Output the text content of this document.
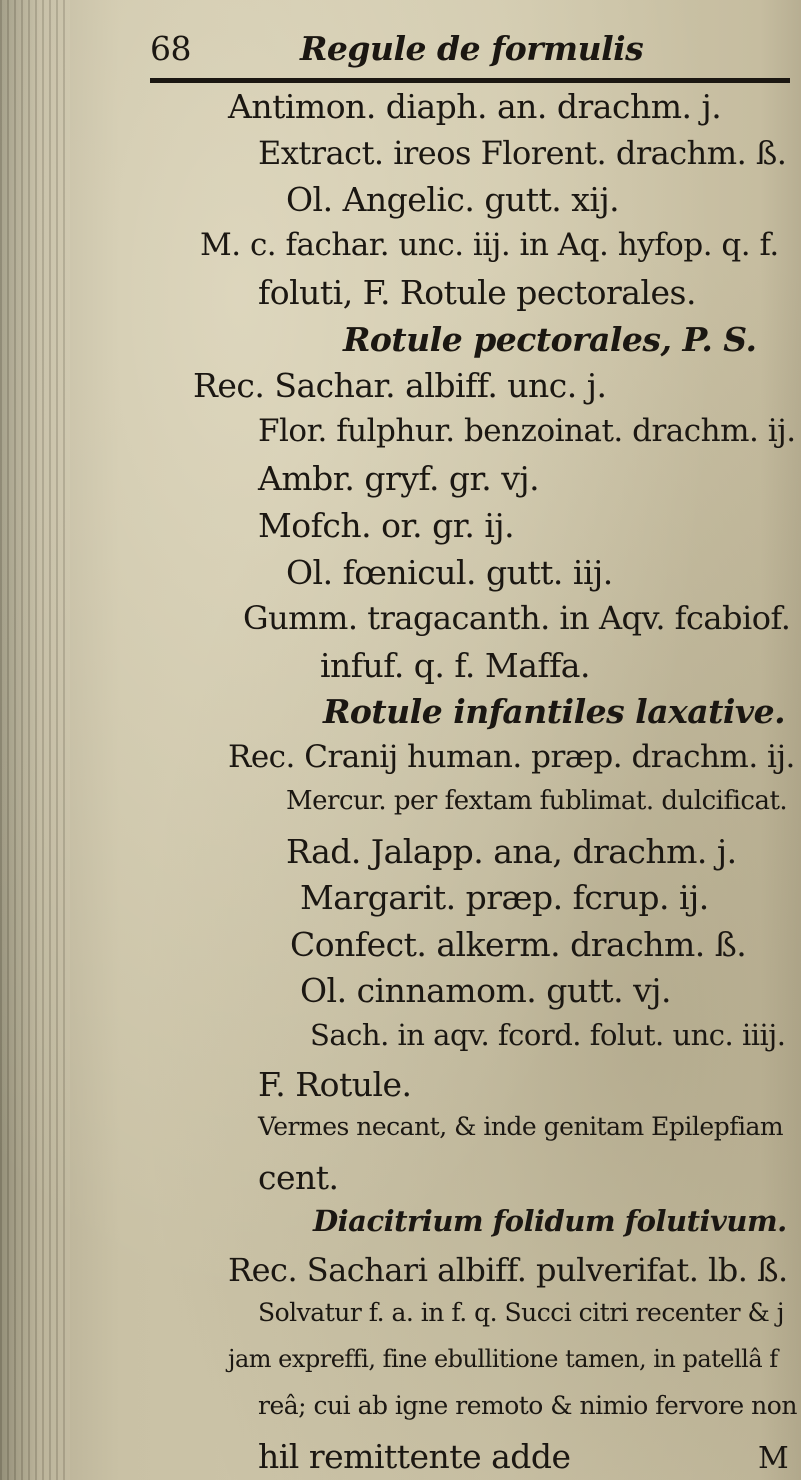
68	Regule de formulis
Antimon. diaph. an. drachm. j.
Extract. ireos Florent. drachm. ß.
Ol. Angelic. gutt. xij.
M. c. fachar. unc. iij. in Aq. hyfop. q. f.
foluti, F. Rotule pectorales.
Rotule pectorales, P. S.
Rec. Sachar. albiff. unc. j.
Flor. fulphur. benzoinat. drachm. ij.
Ambr. gryf. gr. vj.
Mofch. or. gr. ij.
Ol. fœnicul. gutt. iij.
Gumm. tragacanth. in Aqv. fcabiof.
infuf. q. f. Maffa.
Rotule infantiles laxative.
Rec. Cranij human. præp. drachm. ij.
Mercur. per fextam fublimat. dulcificat.
Rad. Jalapp. ana, drachm. j.
Margarit. præp. fcrup. ij.
Confect. alkerm. drachm. ß.
Ol. cinnamom. gutt. vj.
Sach. in aqv. fcord. folut. unc. iiij.
F. Rotule.
Vermes necant, & inde genitam Epilepfiam
cent.
Diacitrium folidum folutivum.
Rec. Sachari albiff. pulverifat. lb. ß.
Solvatur f. a. in f. q. Succi citri recenter & j
jam expreffi, fine ebullitione tamen, in patellâ f
reâ; cui ab igne remoto & nimio fervore non
hil remittente adde	M
